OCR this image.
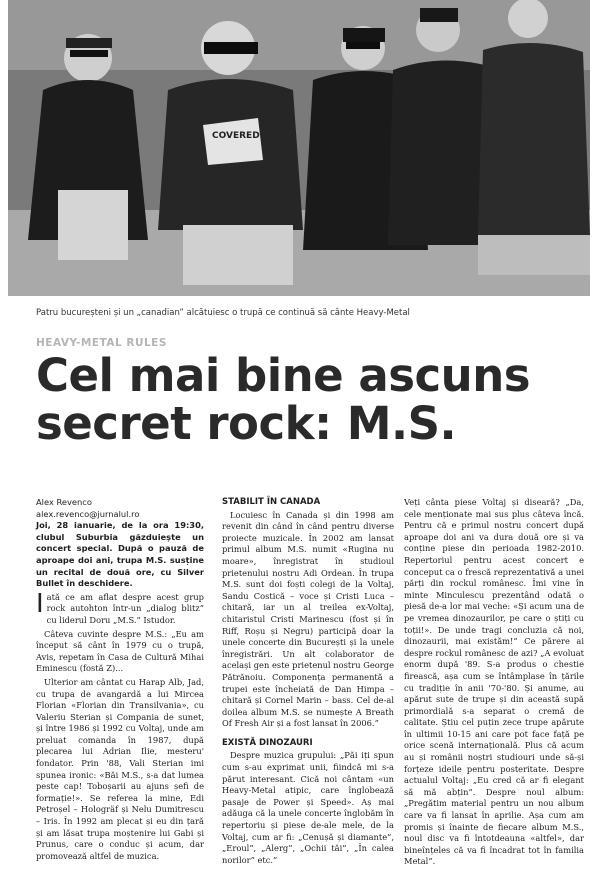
COVERED
Patru bucureșteni și un „canadian” alcătuiesc o trupă ce continuă să cânte Heavy-Metal
HEAVY-METAL RULES
Cel mai bine ascuns
secret rock: M.S.
Alex Revenco
alex.revenco@jurnalul.ro

Joi, 28 ianuarie, de la ora 19:30, clubul Suburbia găzduiește un concert special. După o pauză de aproape doi ani, trupa M.S. susține un recital de două ore, cu Silver Bullet în deschidere.

Iată ce am aflat despre acest grup rock autohton într-un „dialog blitz” cu liderul Doru „M.S.” Istudor.

Câteva cuvinte despre M.S.: „Eu am început să cânt în 1979 cu o trupă, Avis, repetam în Casa de Cultură Mihai Eminescu (fostă Z)...

Ulterior am cântat cu Harap Alb, Jad, cu trupa de avangardă a lui Mircea Florian «Florian din Transilvania», cu Valeriu Sterian și Compania de sunet, și între 1986 și 1992 cu Voltaj, unde am preluat comanda în 1987, după plecarea lui Adrian Ilie, mesteru' fondator. Prin '88, Vali Sterian imi spunea ironic: «Băi M.S., s-a dat lumea peste cap! Toboșarii au ajuns șefi de formație!». Se referea la mine, Edi Petroșel – Hologräf și Nelu Dumitrescu – Iris. În 1992 am plecat și eu din țară și am lăsat trupa moștenire lui Gabi și Prunus, care o conduc și acum, dar promovează altfel de muzica.

STABILIT ÎN CANADA

Locuiesc în Canada și din 1998 am revenit din când în când pentru diverse proiecte muzicale. În 2002 am lansat primul album M.S. numit «Rugina nu moare», înregistrat în studioul prietenului nostru Adi Ordean. În trupa M.S. sunt doi foști colegi de la Voltaj, Sandu Costică – voce și Cristi Luca – chitară, iar un al treilea ex-Voltaj, chitaristul Cristi Marinescu (fost și în Riff, Roșu și Negru) participă doar la unele concerte din București și la unele înregistrări. Un alt colaborator de același gen este prietenul nostru George Pătrănoiu. Componența permanentă a trupei este încheiată de Dan Himpa – chitară și Cornel Marin – bass. Cel de-al doilea album M.S. se numește A Breath Of Fresh Air și a fost lansat în 2006.”

EXISTĂ DINOZAURI

Despre muzica grupului: „Păi iți spun cum s-au exprimat unii, fiindcă mi s-a părut interesant. Cică noi cântam «un Heavy-Metal atipic, care înglobează pasaje de Power și Speed». Aș mai adăuga că la unele concerte înglobăm în repertoriu și piese de-ale mele, de la Voltaj, cum ar fi: „Cenușă și diamante”, „Eroul”, „Alerg”, „Ochii tăi”, „În calea norilor” etc.”

Veți cânta piese Voltaj și diseară? „Da, cele menționate mai sus plus câteva încă. Pentru că e primul nostru concert după aproape doi ani va dura două ore și va conține piese din perioada 1982-2010. Repertoriul pentru acest concert e conceput ca o frescă reprezentativă a unei părți din rockul românesc. Îmi vine în minte Minculescu prezentând odată o piesă de-a lor mai veche: «Și acum una de pe vremea dinozaurilor, pe care o știți cu toții!». De unde tragi concluzia că noi, dinozaurii, mai existăm!” Ce părere ai despre rockul românesc de azi? „A evoluat enorm după '89. S-a produs o chestie firească, așa cum se întâmplase în țările cu tradiție în anii '70-'80. Și anume, au apărut sute de trupe și din această supă primordială s-a separat o cremă de calitate. Știu cel puțin zece trupe apărute în ultimii 10-15 ani care pot face față pe orice scenă internațională. Plus că acum au și românii noștri studiouri unde să-și forțeze ideile pentru posteritate. Despre actualul Voltaj: „Eu cred că ar fi elegant să mă abțin”. Despre noul album: „Pregătim material pentru un nou album care va fi lansat în aprilie. Așa cum am promis și înainte de fiecare album M.S., noul disc va fi întotdeauna «altfel», dar bineînțeles că va fi încadrat tot în familia Metal”.
